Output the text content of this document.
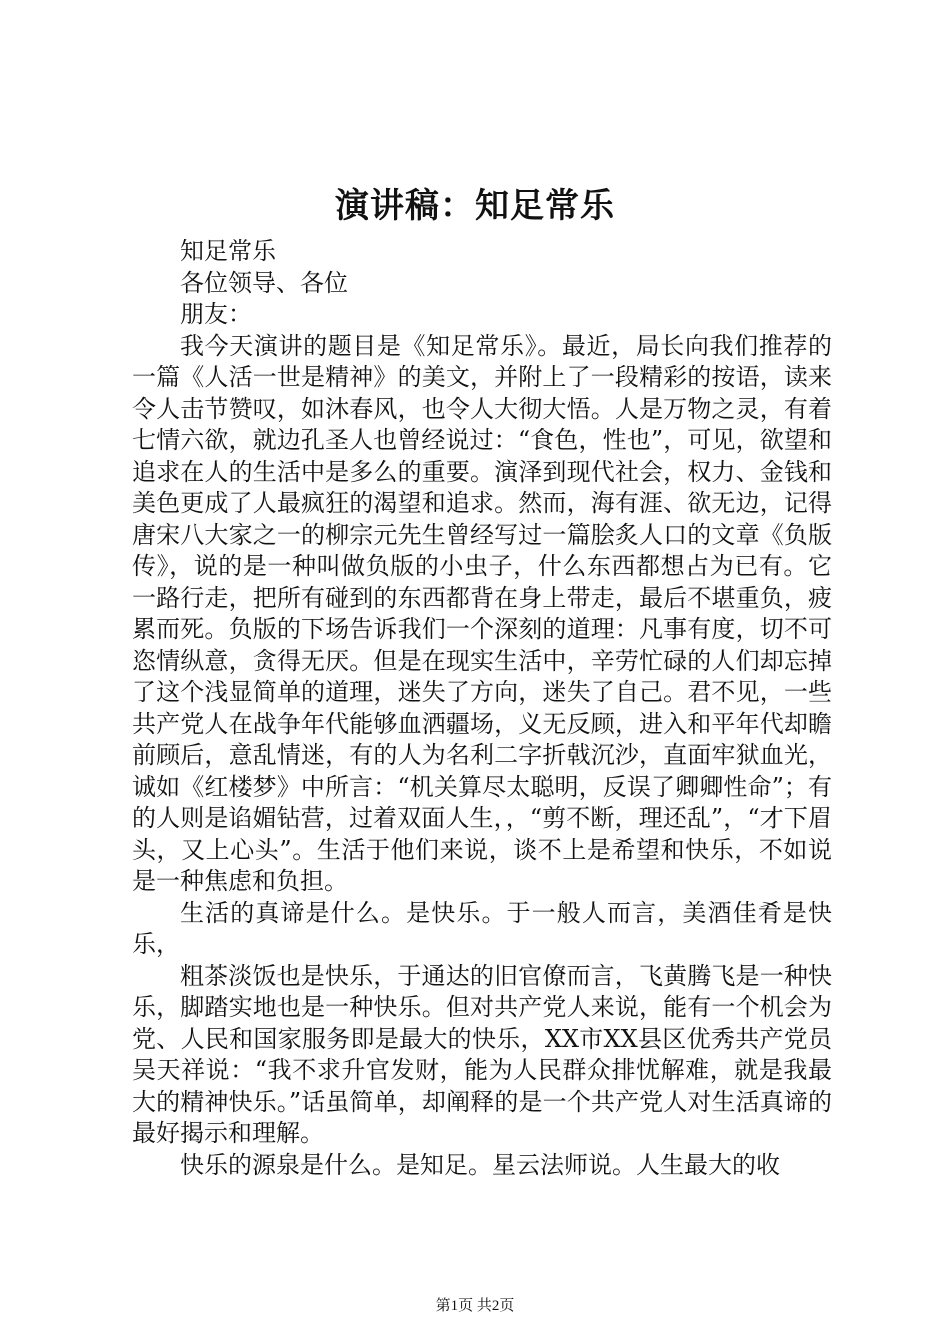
演讲稿：知足常乐

知足常乐

各位领导、各位

朋友：

我今天演讲的题目是《知足常乐》。最近，局长向我们推荐的一篇《人活一世是精神》的美文，并附上了一段精彩的按语，读来令人击节赞叹，如沐春风，也令人大彻大悟。人是万物之灵，有着七情六欲，就边孔圣人也曾经说过：“食色，性也”，可见，欲望和追求在人的生活中是多么的重要。演泽到现代社会，权力、金钱和美色更成了人最疯狂的渴望和追求。然而，海有涯、欲无边，记得唐宋八大家之一的柳宗元先生曾经写过一篇脍炙人口的文章《负版传》，说的是一种叫做负版的小虫子，什么东西都想占为已有。它一路行走，把所有碰到的东西都背在身上带走，最后不堪重负，疲累而死。负版的下场告诉我们一个深刻的道理：凡事有度，切不可恣情纵意，贪得无厌。但是在现实生活中，辛劳忙碌的人们却忘掉了这个浅显简单的道理，迷失了方向，迷失了自己。君不见，一些共产党人在战争年代能够血洒疆场，义无反顾，进入和平年代却瞻前顾后，意乱情迷，有的人为名利二字折戟沉沙，直面牢狱血光，诚如《红楼梦》中所言：“机关算尽太聪明，反误了卿卿性命”；有的人则是谄媚钻营，过着双面人生，，“剪不断，理还乱”，“才下眉头，又上心头”。生活于他们来说，谈不上是希望和快乐，不如说是一种焦虑和负担。

生活的真谛是什么。是快乐。于一般人而言，美酒佳肴是快乐，

粗茶淡饭也是快乐，于通达的旧官僚而言，飞黄腾飞是一种快乐，脚踏实地也是一种快乐。但对共产党人来说，能有一个机会为党、人民和国家服务即是最大的快乐，XX市XX县区优秀共产党员吴天祥说：“我不求升官发财，能为人民群众排忧解难，就是我最大的精神快乐。”话虽简单，却阐释的是一个共产党人对生活真谛的最好揭示和理解。

快乐的源泉是什么。是知足。星云法师说。人生最大的收

第1页 共2页
